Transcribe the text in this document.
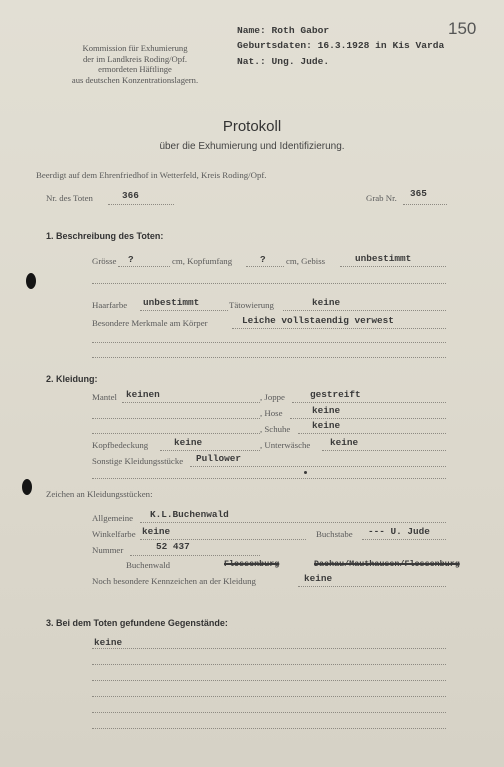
150
Kommission für Exhumierung
der im Landkreis Roding/Opf.
ermordeten Häftlinge
aus deutschen Konzentrationslagern.
Name: Roth Gabor
Geburtsdaten: 16.3.1928 in Kis Varda
Nat.: Ung. Jude.
Protokoll
über die Exhumierung und Identifizierung.
Beerdigt auf dem Ehrenfriedhof in Wetterfeld, Kreis Roding/Opf.
Nr. des Toten	366	Grab Nr. 365
1. Beschreibung des Toten:
Grösse ?	cm, Kopfumfang	? cm, Gebiss	unbestimmt
Haarfarbe unbestimmt	Tätowierung	keine
Besondere Merkmale am Körper	Leiche vollstaendig verwest
2. Kleidung:
Mantel keinen	, Joppe	gestreift
, Hose	keine
, Schuhe keine
Kopfbedeckung	keine	, Unterwäsche keine
Sonstige Kleidungsstücke Pullower
Zeichen an Kleidungsstücken:
Allgemeine K.L.Buchenwald
Winkelfarbe keine	Buchstabe --- U. Jude
Nummer	52 437
Buchenwald	Flossenburg	Dachau/Mauthausen/Flossenburg
Noch besondere Kennzeichen an der Kleidung	keine
3. Bei dem Toten gefundene Gegenstände:
keine
